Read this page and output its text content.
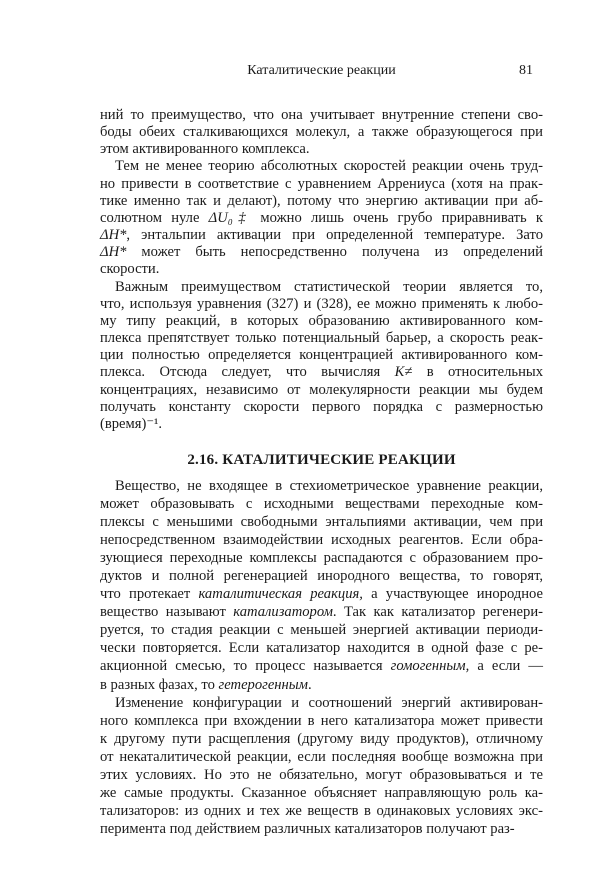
Каталитические реакции	81
ний то преимущество, что она учитывает внутренние степени сво-
боды обеих сталкивающихся молекул, а также образующегося при
этом активированного комплекса.
Тем не менее теорию абсолютных скоростей реакции очень труд-
но привести в соответствие с уравнением Аррениуса (хотя на прак-
тике именно так и делают), потому что энергию активации при аб-
солютном нуле ΔU₀‡ можно лишь очень грубо приравнивать к
ΔH*, энтальпии активации при определенной температуре. Зато
ΔH* может быть непосредственно получена из определений
скорости.
Важным преимуществом статистической теории является то,
что, используя уравнения (327) и (328), ее можно применять к любо-
му типу реакций, в которых образованию активированного ком-
плекса препятствует только потенциальный барьер, а скорость реак-
ции полностью определяется концентрацией активированного ком-
плекса. Отсюда следует, что вычисляя K≠ в относительных
концентрациях, независимо от молекулярности реакции мы будем
получать константу скорости первого порядка с размерностью
(время)⁻¹.
2.16. КАТАЛИТИЧЕСКИЕ РЕАКЦИИ
Вещество, не входящее в стехиометрическое уравнение реакции,
может образовывать с исходными веществами переходные ком-
плексы с меньшими свободными энтальпиями активации, чем при
непосредственном взаимодействии исходных реагентов. Если обра-
зующиеся переходные комплексы распадаются с образованием про-
дуктов и полной регенерацией инородного вещества, то говорят,
что протекает каталитическая реакция, а участвующее инородное
вещество называют катализатором. Так как катализатор регенери-
руется, то стадия реакции с меньшей энергией активации периоди-
чески повторяется. Если катализатор находится в одной фазе с ре-
акционной смесью, то процесс называется гомогенным, а если —
в разных фазах, то гетерогенным.
Изменение конфигурации и соотношений энергий активирован-
ного комплекса при вхождении в него катализатора может привести
к другому пути расщепления (другому виду продуктов), отличному
от некаталитической реакции, если последняя вообще возможна при
этих условиях. Но это не обязательно, могут образовываться и те
же самые продукты. Сказанное объясняет направляющую роль ка-
тализаторов: из одних и тех же веществ в одинаковых условиях экс-
перимента под действием различных катализаторов получают раз-
